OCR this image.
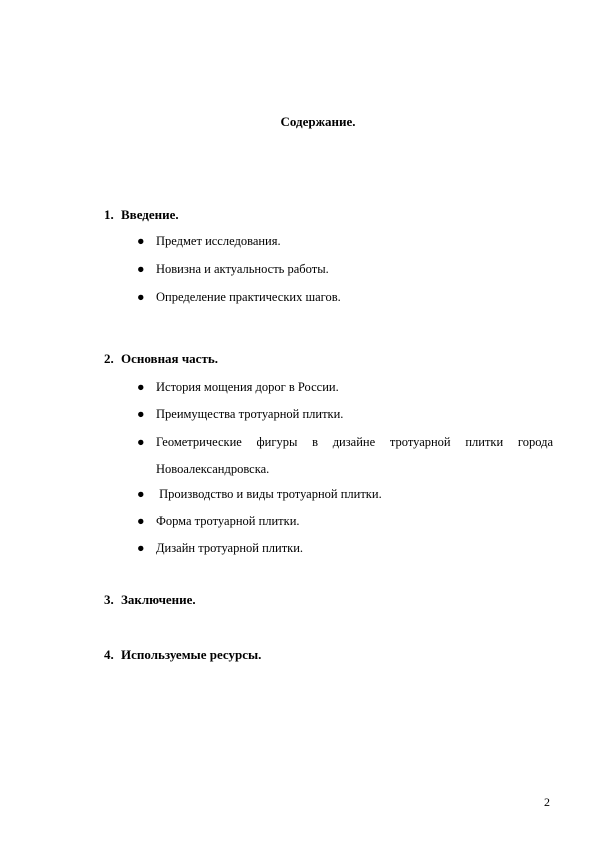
Содержание.
1. Введение.
● Предмет исследования.
● Новизна и актуальность работы.
● Определение практических шагов.
2. Основная часть.
● История мощения дорог в России.
● Преимущества тротуарной плитки.
● Геометрические фигуры в дизайне тротуарной плитки города Новоалександровска.
● Производство и виды тротуарной плитки.
● Форма тротуарной плитки.
● Дизайн тротуарной плитки.
3. Заключение.
4. Используемые ресурсы.
2
